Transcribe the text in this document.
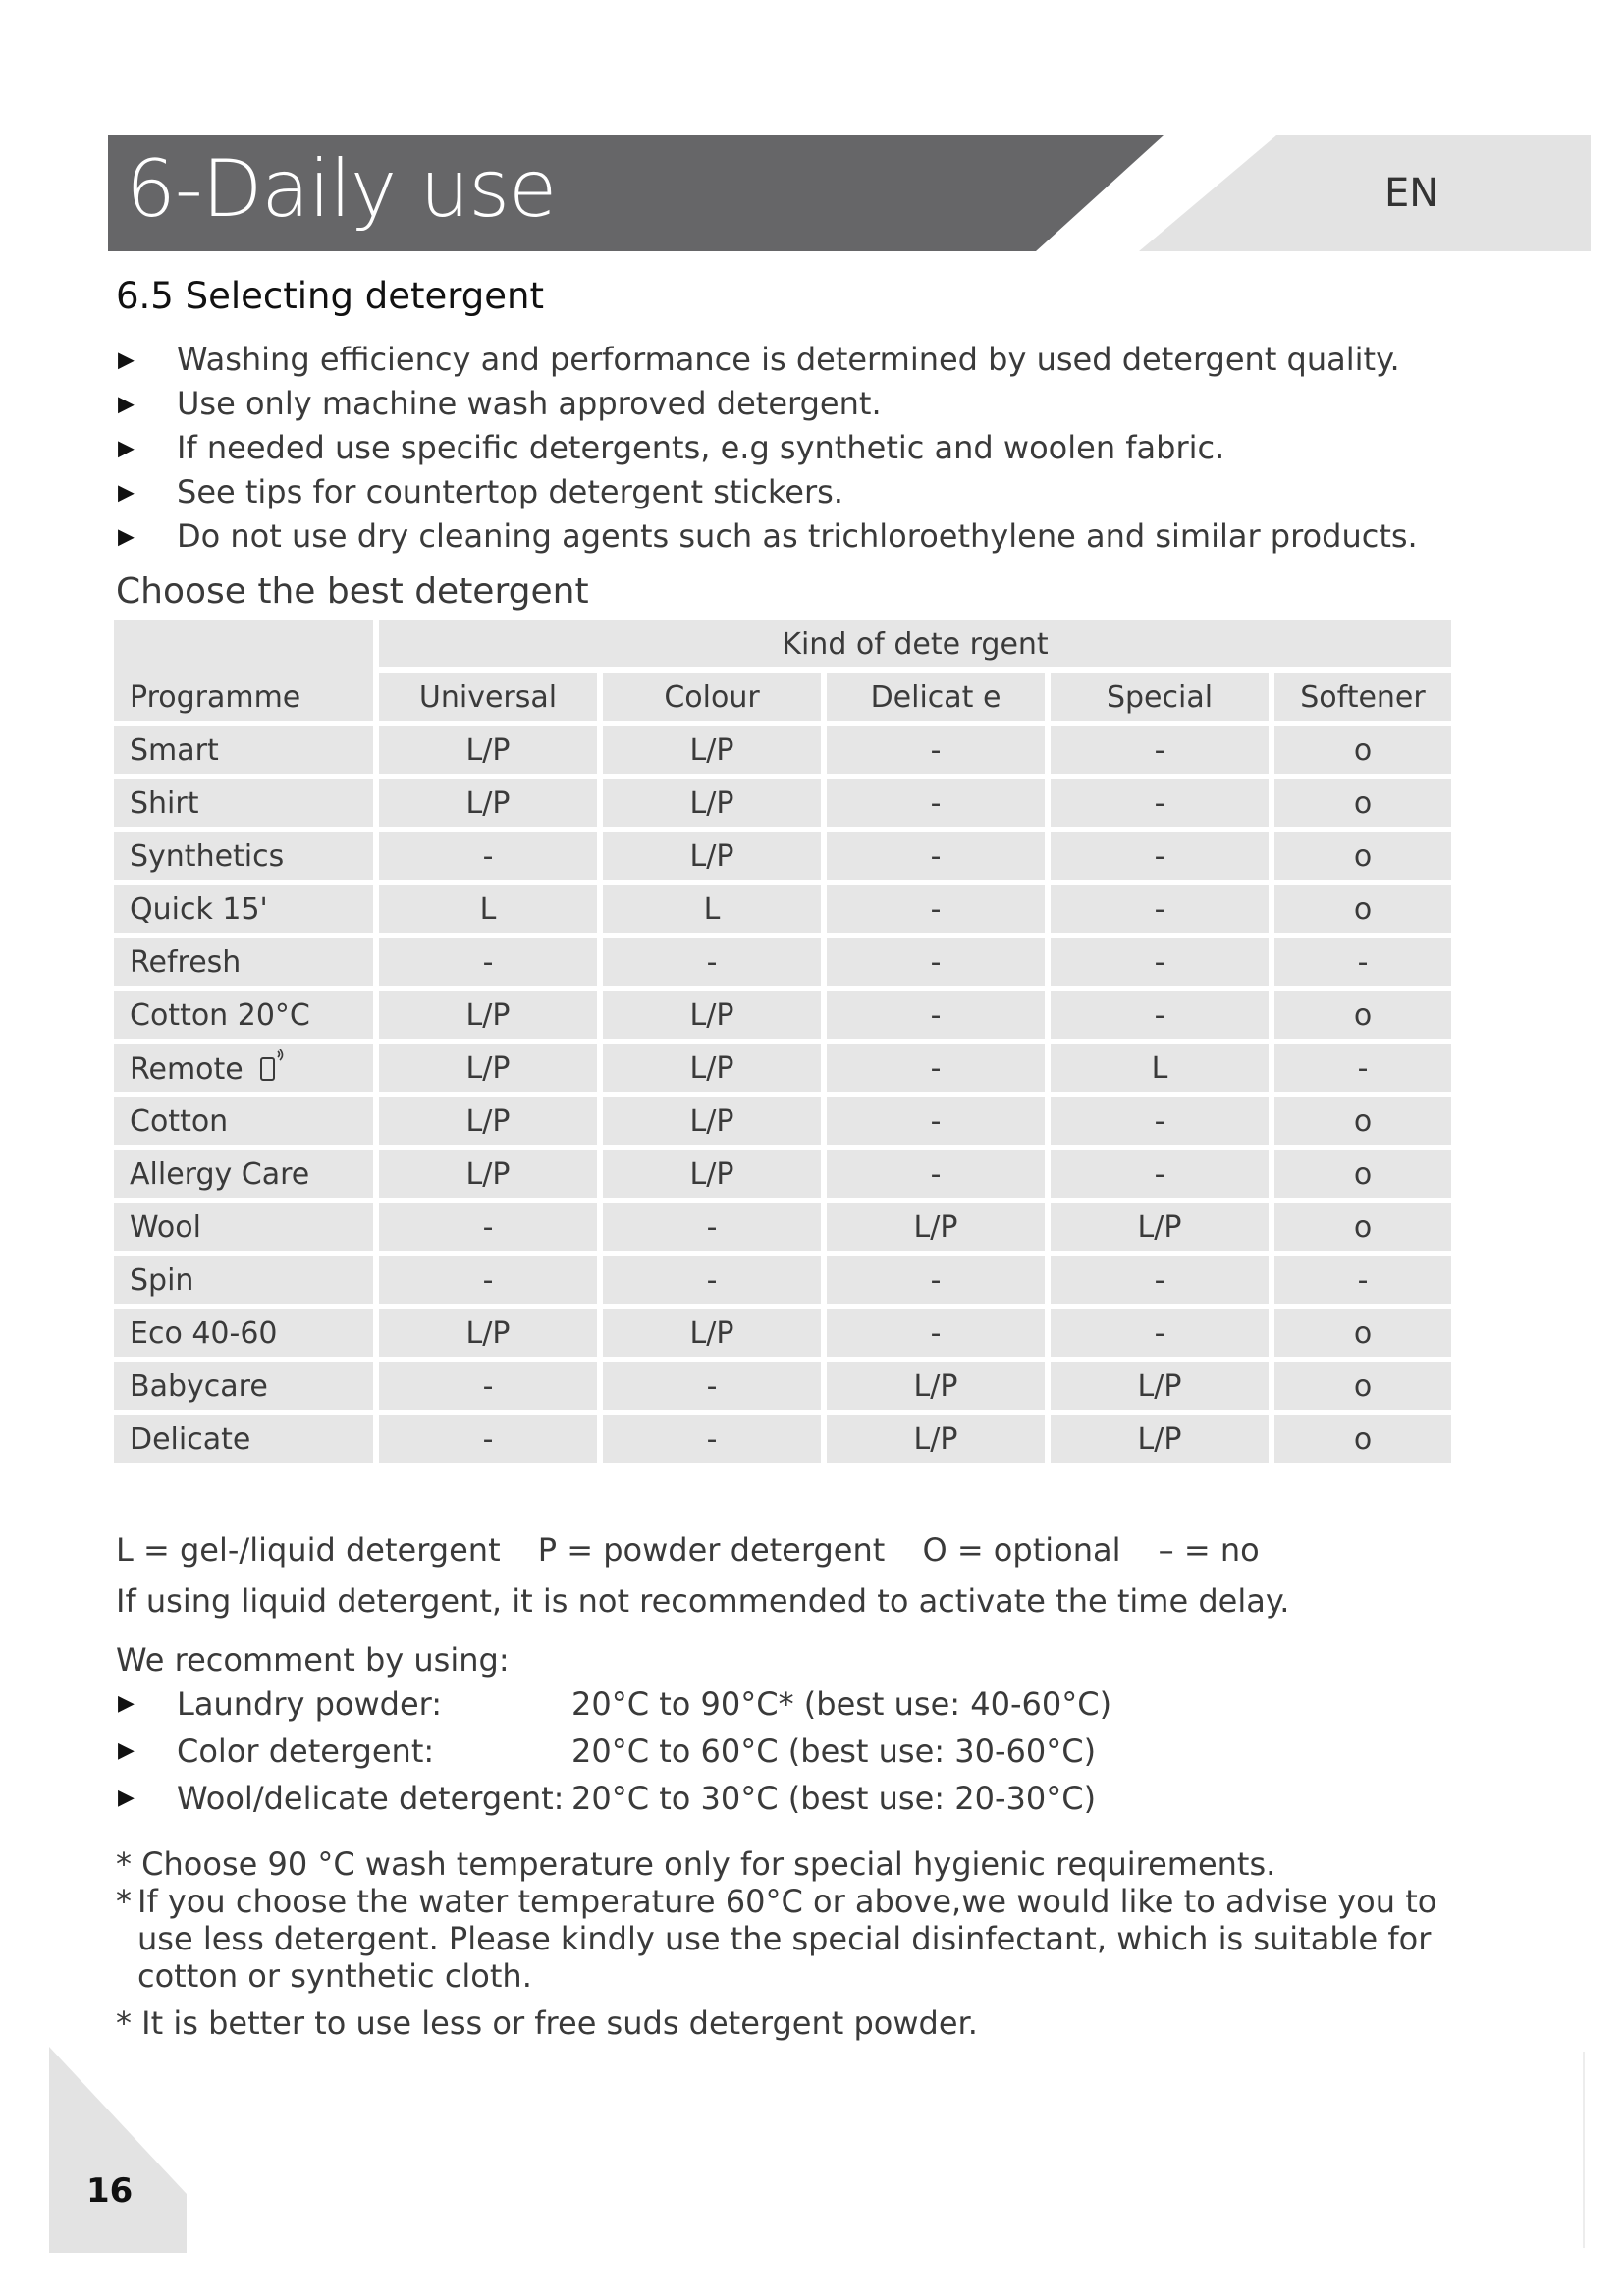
6-Daily use	EN
6.5 Selecting detergent
▶ Washing efficiency and performance is determined by used detergent quality.
▶ Use only machine wash approved detergent.
▶ If needed use specific detergents, e.g synthetic and woolen fabric.
▶ See tips for countertop detergent stickers.
▶ Do not use dry cleaning agents such as trichloroethylene and similar products.
Choose the best detergent
Programme	Kind of dete rgent				
	Universal	Colour	Delicat e	Special	Softener
Smart	L/P	L/P	-	-	o
Shirt	L/P	L/P	-	-	o
Synthetics	-	L/P	-	-	o
Quick 15'	L	L	-	-	o
Refresh	-	-	-	-	-
Cotton 20°C	L/P	L/P	-	-	o
Remote	L/P	L/P	-	L	-
Cotton	L/P	L/P	-	-	o
Allergy Care	L/P	L/P	-	-	o
Wool	-	-	L/P	L/P	o
Spin	-	-	-	-	-
Eco 40-60	L/P	L/P	-	-	o
Babycare	-	-	L/P	L/P	o
Delicate	-	-	L/P	L/P	o
L = gel-/liquid detergent P = powder detergent O = optional – = no
If using liquid detergent, it is not recommended to activate the time delay.
We recomment by using:
▶ Laundry powder:	20°C to 90°C* (best use: 40-60°C)
▶ Color detergent:	20°C to 60°C (best use: 30-60°C)
▶ Wool/delicate detergent: 20°C to 30°C (best use: 20-30°C)
* Choose 90 °C wash temperature only for special hygienic requirements.
* If you choose the water temperature 60°C or above,we would like to advise you to use less detergent. Please kindly use the special disinfectant, which is suitable for cotton or synthetic cloth.
* It is better to use less or free suds detergent powder.
16
